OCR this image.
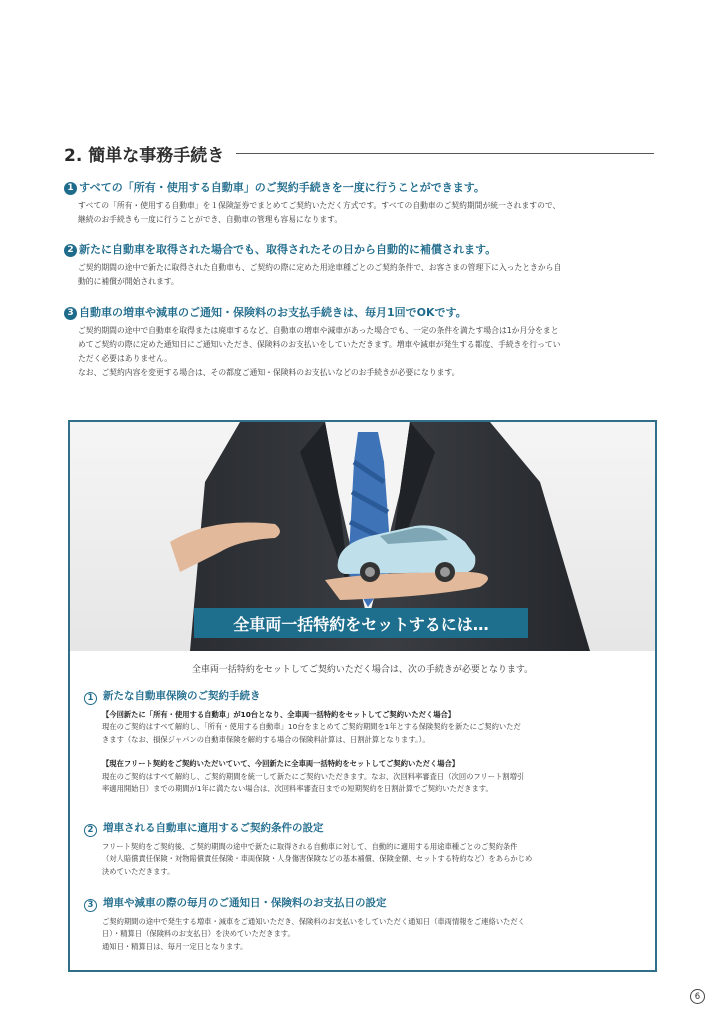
2. 簡単な事務手続き
1 すべての「所有・使用する自動車」のご契約手続きを一度に行うことができます。
すべての「所有・使用する自動車」を１保険証券でまとめてご契約いただく方式です。すべての自動車のご契約期間が統一されますので、
継続のお手続きも一度に行うことができ、自動車の管理も容易になります。
2 新たに自動車を取得された場合でも、取得されたその日から自動的に補償されます。
ご契約期間の途中で新たに取得された自動車も、ご契約の際に定めた用途車種ごとのご契約条件で、お客さまの管理下に入ったときから自
動的に補償が開始されます。
3 自動車の増車や減車のご通知・保険料のお支払手続きは、毎月1回でOKです。
ご契約期間の途中で自動車を取得または廃車するなど、自動車の増車や減車があった場合でも、一定の条件を満たす場合は1か月分をまと
めてご契約の際に定めた通知日にご通知いただき、保険料のお支払いをしていただきます。増車や減車が発生する都度、手続きを行ってい
ただく必要はありません。
なお、ご契約内容を変更する場合は、その都度ご通知・保険料のお支払いなどのお手続きが必要になります。
全車両一括特約をセットするには…
全車両一括特約をセットしてご契約いただく場合は、次の手続きが必要となります。
1 新たな自動車保険のご契約手続き
【今回新たに「所有・使用する自動車」が10台となり、全車両一括特約をセットしてご契約いただく場合】
現在のご契約はすべて解約し、「所有・使用する自動車」10台をまとめてご契約期間を1年とする保険契約を新たにご契約いただ
きます（なお、損保ジャパンの自動車保険を解約する場合の保険料計算は、日割計算となります。）。
【現在フリート契約をご契約いただいていて、今回新たに全車両一括特約をセットしてご契約いただく場合】
現在のご契約はすべて解約し、ご契約期間を統一して新たにご契約いただきます。なお、次回料率審査日（次回のフリート割増引
率適用開始日）までの期間が1年に満たない場合は、次回料率審査日までの短期契約を日割計算でご契約いただきます。
2 増車される自動車に適用するご契約条件の設定
フリート契約をご契約後、ご契約期間の途中で新たに取得される自動車に対して、自動的に適用する用途車種ごとのご契約条件
（対人賠償責任保険・対物賠償責任保険・車両保険・人身傷害保険などの基本補償、保険金額、セットする特約など）をあらかじめ
決めていただきます。
3 増車や減車の際の毎月のご通知日・保険料のお支払日の設定
ご契約期間の途中で発生する増車・減車をご通知いただき、保険料のお支払いをしていただく通知日（車両情報をご連絡いただく
日）・精算日（保険料のお支払日）を決めていただきます。
通知日・精算日は、毎月一定日となります。
6
